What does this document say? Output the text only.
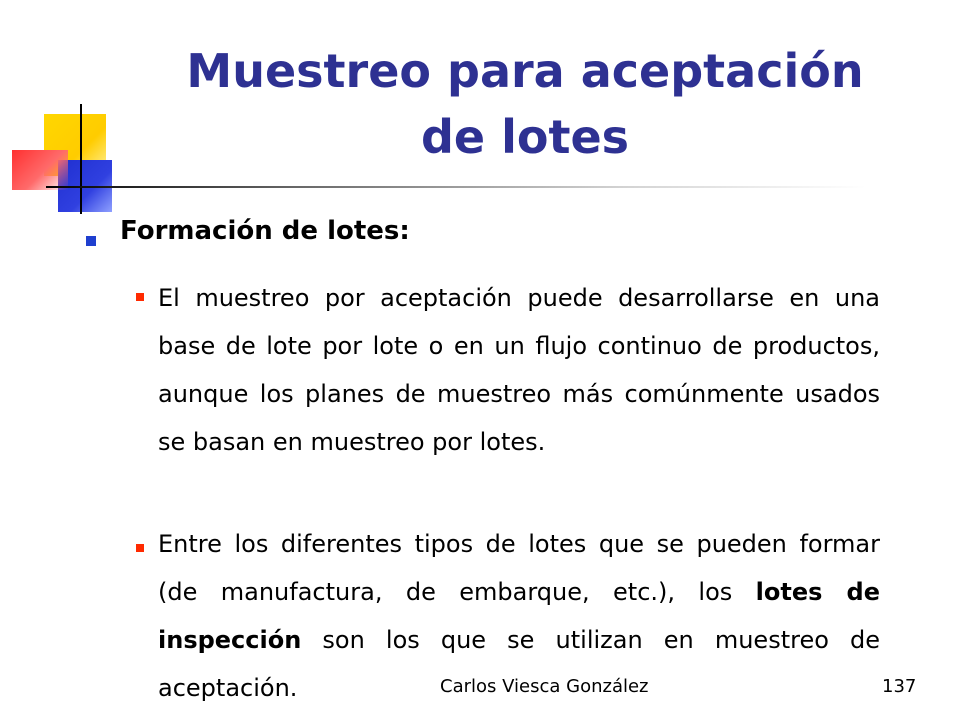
Muestreo para aceptación
de lotes
Formación de lotes:

El muestreo por aceptación puede desarrollarse en una base de lote por lote o en un flujo continuo de productos, aunque los planes de muestreo más comúnmente usados se basan en muestreo por lotes.

Entre los diferentes tipos de lotes que se pueden formar (de manufactura, de embarque, etc.), los lotes de inspección son los que se utilizan en muestreo de aceptación.	Carlos Viesca González	137
